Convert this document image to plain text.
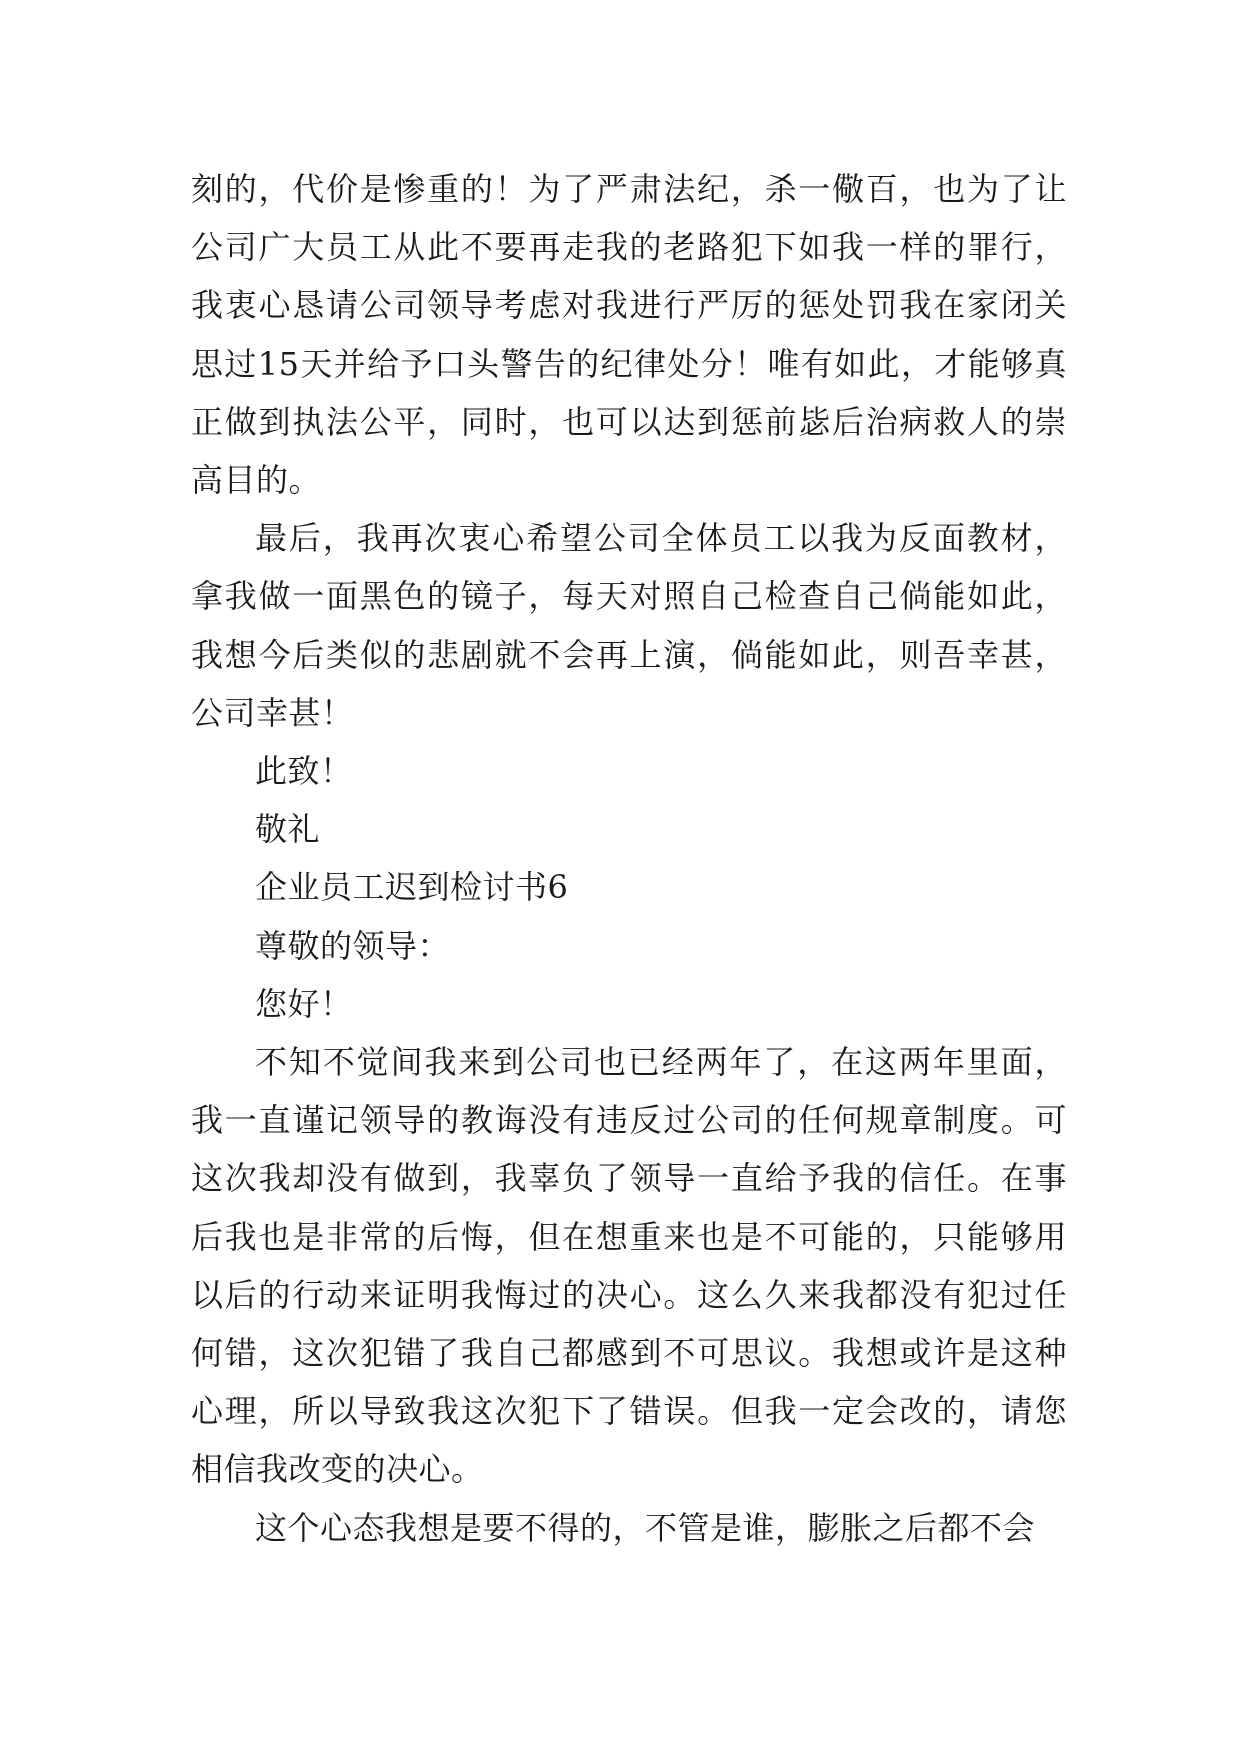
刻的，代价是惨重的！为了严肃法纪，杀一儆百，也为了让公司广大员工从此不要再走我的老路犯下如我一样的罪行，我衷心恳请公司领导考虑对我进行严厉的惩处罚我在家闭关思过15天并给予口头警告的纪律处分！唯有如此，才能够真正做到执法公平，同时，也可以达到惩前毖后治病救人的崇高目的。

最后，我再次衷心希望公司全体员工以我为反面教材，拿我做一面黑色的镜子，每天对照自己检查自己倘能如此，我想今后类似的悲剧就不会再上演，倘能如此，则吾幸甚，公司幸甚！

此致！

敬礼

企业员工迟到检讨书6

尊敬的领导：

您好！

不知不觉间我来到公司也已经两年了，在这两年里面，我一直谨记领导的教诲没有违反过公司的任何规章制度。可这次我却没有做到，我辜负了领导一直给予我的信任。在事后我也是非常的后悔，但在想重来也是不可能的，只能够用以后的行动来证明我悔过的决心。这么久来我都没有犯过任何错，这次犯错了我自己都感到不可思议。我想或许是这种心理，所以导致我这次犯下了错误。但我一定会改的，请您相信我改变的决心。

这个心态我想是要不得的，不管是谁，膨胀之后都不会
